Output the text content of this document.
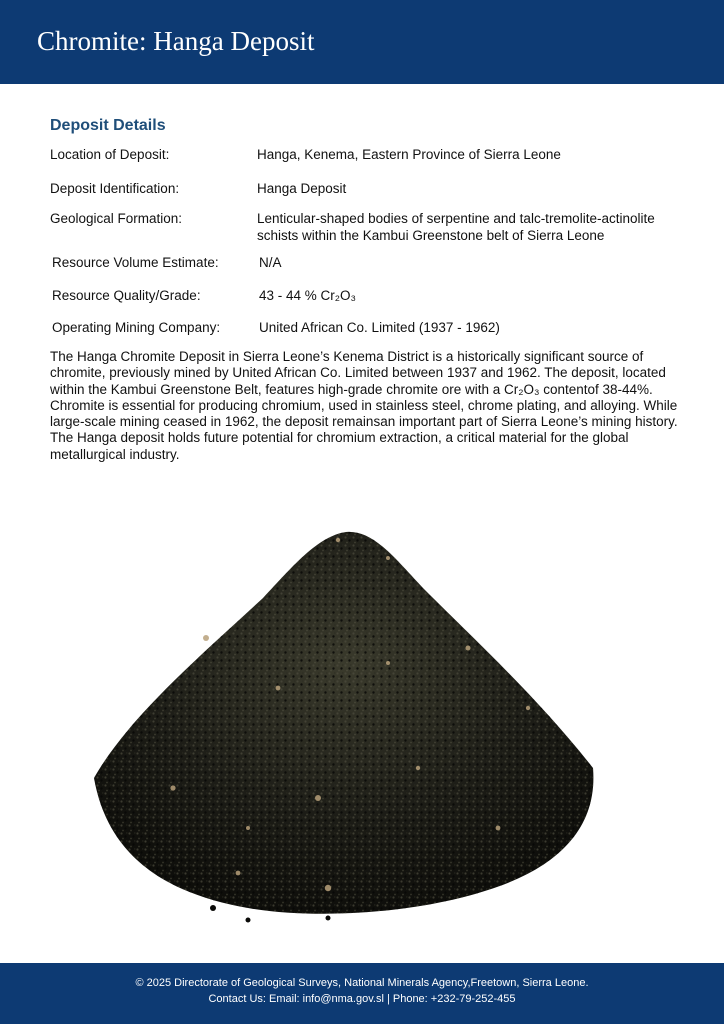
Chromite: Hanga Deposit
Deposit Details
Location of Deposit:	Hanga, Kenema, Eastern Province of Sierra Leone
Deposit Identification:	Hanga Deposit
Geological Formation:	Lenticular-shaped bodies of serpentine and talc-tremolite-actinolite
schists within the Kambui Greenstone belt of Sierra Leone
Resource Volume Estimate:	N/A
Resource Quality/Grade:	43 - 44 % Cr₂O₃
Operating Mining Company:	United African Co. Limited (1937 - 1962)
The Hanga Chromite Deposit in Sierra Leone’s Kenema District is a historically significant source of chromite, previously mined by United African Co. Limited between 1937 and 1962. The deposit, located within the Kambui Greenstone Belt, features high-grade chromite ore with a Cr₂O₃ contentof 38-44%. Chromite is essential for producing chromium, used in stainless steel, chrome plating, and alloying. While large-scale mining ceased in 1962, the deposit remainsan important part of Sierra Leone’s mining history. The Hanga deposit holds future potential for chromium extraction, a critical material for the global metallurgical industry.
© 2025 Directorate of Geological Surveys, National Minerals Agency,Freetown, Sierra Leone.
Contact Us: Email: info@nma.gov.sl | Phone: +232-79-252-455
